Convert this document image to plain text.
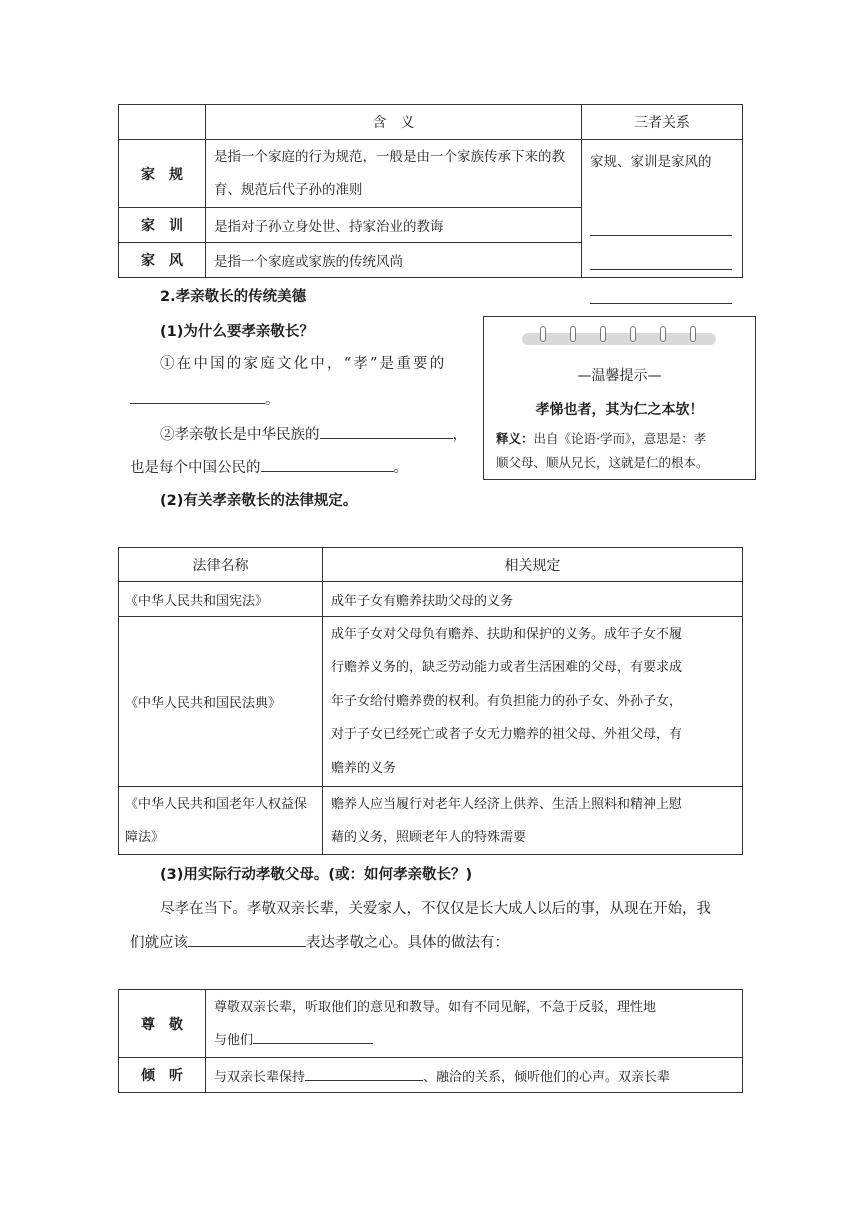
	含　义	三者关系
家　规	是指一个家庭的行为规范，一般是由一个家族传承下来的教育、规范后代子孙的准则	家规、家训是家风的

家　训	是指对子孙立身处世、持家治业的教诲	
家　风	是指一个家庭或家族的传统风尚	

2.孝亲敬长的传统美德

(1)为什么要孝亲敬长？

①在中国的家庭文化中，“孝”是重要的

。

②孝亲敬长是中华民族的	，

也是每个中国公民的	。

(2)有关孝亲敬长的法律规定。

—温馨提示—
孝悌也者，其为仁之本欤！
释义：出自《论语·学而》，意思是：孝
顺父母、顺从兄长，这就是仁的根本。
法律名称	相关规定
《中华人民共和国宪法》	成年子女有赡养扶助父母的义务
《中华人民共和国民法典》	成年子女对父母负有赡养、扶助和保护的义务。成年子女不履
行赡养义务的，缺乏劳动能力或者生活困难的父母，有要求成
年子女给付赡养费的权利。有负担能力的孙子女、外孙子女，
对于子女已经死亡或者子女无力赡养的祖父母、外祖父母，有
赡养的义务

《中华人民共和国老年人权益保障法》	赡养人应当履行对老年人经济上供养、生活上照料和精神上慰
藉的义务，照顾老年人的特殊需要

(3)用实际行动孝敬父母。(或：如何孝亲敬长？)

尽孝在当下。孝敬双亲长辈，关爱家人，不仅仅是长大成人以后的事，从现在开始，我

们就应该	表达孝敬之心。具体的做法有：

尊　敬	尊敬双亲长辈，听取他们的意见和教导。如有不同见解，不急于反驳，理性地
与他们

倾　听	与双亲长辈保持 、融洽的关系，倾听他们的心声。双亲长辈
